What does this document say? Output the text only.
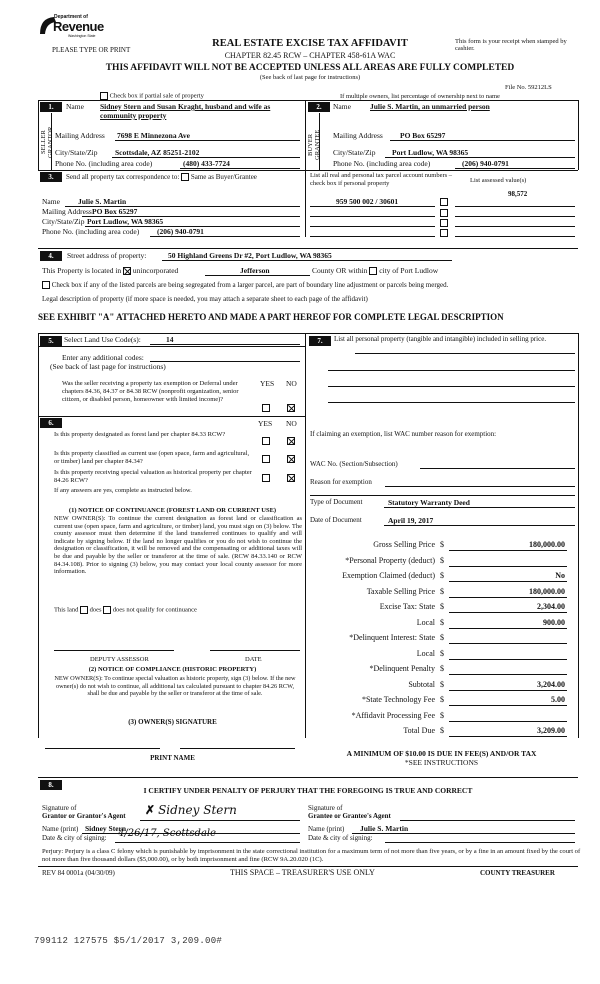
Department of
Revenue
Washington State
PLEASE TYPE OR PRINT
REAL ESTATE EXCISE TAX AFFIDAVIT
CHAPTER 82.45 RCW – CHAPTER 458-61A WAC
This form is your receipt when stamped by cashier.
THIS AFFIDAVIT WILL NOT BE ACCEPTED UNLESS ALL AREAS ARE FULLY COMPLETED
(See back of last page for instructions)
File No. 59212LS
Check box if partial sale of property	If multiple owners, list percentage of ownership next to name
1.
SELLER GRANTOR
Name Sidney Stern and Susan Kraght, husband and wife as community property
Mailing Address 7698 E Minnezona Ave
City/State/Zip Scottsdale, AZ 85251-2102
Phone No. (including area code)	(480) 433-7724
2.
BUYER GRANTEE
Name	Julie S. Martin, an unmarried person
Mailing Address PO Box 65297
City/State/Zip Port Ludlow, WA 98365
Phone No. (including area code)	(206) 940-0791
3.	Send all property tax correspondence to: Same as Buyer/Grantee	List all real and personal tax parcel account numbers – check box if personal property	List assessed value(s)
98,572
Name Julie S. Martin	959 500 002 / 30601
Mailing Address PO Box 65297
City/State/Zip Port Ludlow, WA 98365
Phone No. (including area code) (206) 940-0791
4.	Street address of property:	50 Highland Greens Dr #2, Port Ludlow, WA 98365
This Property is located in unincorporated	Jefferson	County OR within city of Port Ludlow
Check box if any of the listed parcels are being segregated from a larger parcel, are part of boundary line adjustment or parcels being merged.
Legal description of property (if more space is needed, you may attach a separate sheet to each page of the affidavit)
SEE EXHIBIT "A" ATTACHED HERETO AND MADE A PART HEREOF FOR COMPLETE LEGAL DESCRIPTION
5.	Select Land Use Code(s):	14
Enter any additional codes:
(See back of last page for instructions)
YES NO
Was the seller receiving a property tax exemption or Deferral under chapters 84.36, 84.37 or 84.38 RCW (nonprofit organization, senior citizen, or disabled person, homeowner with limited income)?
6.	YES NO
Is this property designated as forest land per chapter 84.33 RCW?
Is this property classified as current use (open space, farm and agricultural, or timber) land per chapter 84.34?
Is this property receiving special valuation as historical property per chapter 84.26 RCW?
If any answers are yes, complete as instructed below.
(1) NOTICE OF CONTINUANCE (FOREST LAND OR CURRENT USE)
NEW OWNER(S): To continue the current designation as forest land or classification as current use (open space, farm and agriculture, or timber) land, you must sign on (3) below. The county assessor must then determine if the land transferred continues to qualify and will indicate by signing below. If the land no longer qualifies or you do not wish to continue the designation or classification, it will be removed and the compensating or additional taxes will be due and payable by the seller or transferor at the time of sale. (RCW 84.33.140 or RCW 84.34.108). Prior to signing (3) below, you may contact your local county assessor for more information.
This land does does not qualify for continuance
DEPUTY ASSESSOR	DATE
(2) NOTICE OF COMPLIANCE (HISTORIC PROPERTY)
NEW OWNER(S): To continue special valuation as historic property, sign (3) below. If the new owner(s) do not wish to continue, all additional tax calculated pursuant to chapter 84.26 RCW, shall be due and payable by the seller or transferor at the time of sale.
(3) OWNER(S) SIGNATURE
PRINT NAME
7.	List all personal property (tangible and intangible) included in selling price.
If claiming an exemption, list WAC number reason for exemption:
WAC No. (Section/Subsection)
Reason for exemption
Type of Document	Statutory Warranty Deed
Date of Document	April 19, 2017
Gross Selling Price $	180,000.00
*Personal Property (deduct) $
Exemption Claimed (deduct) $	No
Taxable Selling Price $	180,000.00
Excise Tax: State $	2,304.00
Local $	900.00
*Delinquent Interest: State $
Local $
*Delinquent Penalty $
Subtotal $	3,204.00
*State Technology Fee $	5.00
*Affidavit Processing Fee $
Total Due $	3,209.00
A MINIMUM OF $10.00 IS DUE IN FEE(S) AND/OR TAX
*SEE INSTRUCTIONS
8.
I CERTIFY UNDER PENALTY OF PERJURY THAT THE FOREGOING IS TRUE AND CORRECT
Signature of
Grantor or Grantor's Agent ✗ Sidney Stern
Name (print) Sidney Stern
Date & city of signing: 4/26/17, Scottsdale
Signature of
Grantee or Grantee's Agent
Name (print) Julie S. Martin
Date & city of signing:
Perjury: Perjury is a class C felony which is punishable by imprisonment in the state correctional institution for a maximum term of not more than five years, or by a fine in an amount fixed by the court of not more than five thousand dollars ($5,000.00), or by both imprisonment and fine (RCW 9A.20.020 (1C).
REV 84 0001a (04/30/09)	THIS SPACE – TREASURER'S USE ONLY	COUNTY TREASURER
799112 127575 $5/1/2017 3,209.00#
